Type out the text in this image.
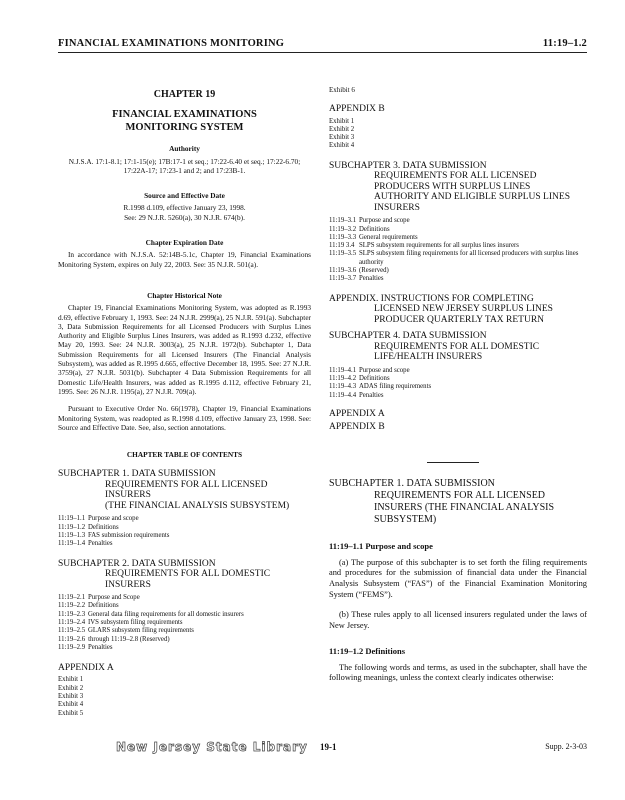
FINANCIAL EXAMINATIONS MONITORING	11:19–1.2
CHAPTER 19
FINANCIAL EXAMINATIONS
MONITORING SYSTEM
Authority
N.J.S.A. 17:1-8.1; 17:1-15(e); 17B:17-1 et seq.; 17:22-6.40 et seq.; 17:22-6.70; 17:22A-17; 17:23-1 and 2; and 17:23B-1.
Source and Effective Date
R.1998 d.109, effective January 23, 1998.
See: 29 N.J.R. 5260(a), 30 N.J.R. 674(b).
Chapter Expiration Date

In accordance with N.J.S.A. 52:14B-5.1c, Chapter 19, Financial Examinations Monitoring System, expires on July 22, 2003. See: 35 N.J.R. 501(a).

Chapter Historical Note

Chapter 19, Financial Examinations Monitoring System, was adopted as R.1993 d.69, effective February 1, 1993. See: 24 N.J.R. 2999(a), 25 N.J.R. 591(a). Subchapter 3, Data Submission Requirements for all Licensed Producers with Surplus Lines Authority and Eligible Surplus Lines Insurers, was added as R.1993 d.232, effective May 20, 1993. See: 24 N.J.R. 3003(a), 25 N.J.R. 1972(b). Subchapter 1, Data Submission Requirements for all Licensed Insurers (The Financial Analysis Subsystem), was added as R.1995 d.665, effective December 18, 1995. See: 27 N.J.R. 3759(a), 27 N.J.R. 5031(b). Subchapter 4 Data Submission Requirements for all Domestic Life/Health Insurers, was added as R.1995 d.112, effective February 21, 1995. See: 26 N.J.R. 1195(a), 27 N.J.R. 709(a).

Pursuant to Executive Order No. 66(1978), Chapter 19, Financial Examinations Monitoring System, was readopted as R.1998 d.109, effective January 23, 1998. See: Source and Effective Date. See, also, section annotations.

CHAPTER TABLE OF CONTENTS
SUBCHAPTER 1. DATA SUBMISSION
REQUIREMENTS FOR ALL LICENSED INSURERS
(THE FINANCIAL ANALYSIS SUBSYSTEM)
11:19–1.1 Purpose and scope
11:19–1.2 Definitions
11:19–1.3 FAS submission requirements
11:19–1.4 Penalties
SUBCHAPTER 2. DATA SUBMISSION
REQUIREMENTS FOR ALL DOMESTIC
INSURERS
11:19–2.1 Purpose and Scope
11:19–2.2 Definitions
11:19–2.3 General data filing requirements for all domestic insurers
11:19–2.4 IVS subsystem filing requirements
11:19–2.5 GLARS subsystem filing requirements
11:19–2.6 through 11:19–2.8 (Reserved)
11:19–2.9 Penalties
APPENDIX A
Exhibit 1
Exhibit 2
Exhibit 3
Exhibit 4
Exhibit 5
Exhibit 6
APPENDIX B
Exhibit 1
Exhibit 2
Exhibit 3
Exhibit 4
SUBCHAPTER 3. DATA SUBMISSION
REQUIREMENTS FOR ALL LICENSED
PRODUCERS WITH SURPLUS LINES
AUTHORITY AND ELIGIBLE SURPLUS LINES
INSURERS
11:19–3.1 Purpose and scope
11:19–3.2 Definitions
11:19–3.3 General requirements
11:19 3.4 SLPS subsystem requirements for all surplus lines insurers
11:19–3.5 SLPS subsystem filing requirements for all licensed producers with surplus lines authority
11:19–3.6 (Reserved)
11:19–3.7 Penalties
APPENDIX. INSTRUCTIONS FOR COMPLETING
LICENSED NEW JERSEY SURPLUS LINES
PRODUCER QUARTERLY TAX RETURN
SUBCHAPTER 4. DATA SUBMISSION
REQUIREMENTS FOR ALL DOMESTIC
LIFE/HEALTH INSURERS
11:19–4.1 Purpose and scope
11:19–4.2 Definitions
11:19–4.3 ADAS filing requirements
11:19–4.4 Penalties
APPENDIX A
APPENDIX B
SUBCHAPTER 1. DATA SUBMISSION
REQUIREMENTS FOR ALL LICENSED
INSURERS (THE FINANCIAL ANALYSIS
SUBSYSTEM)
11:19–1.1 Purpose and scope

(a) The purpose of this subchapter is to set forth the filing requirements and procedures for the submission of financial data under the Financial Analysis Subsystem (“FAS”) of the Financial Examination Monitoring System (“FEMS”).

(b) These rules apply to all licensed insurers regulated under the laws of New Jersey.

11:19–1.2 Definitions

The following words and terms, as used in the subchapter, shall have the following meanings, unless the context clearly indicates otherwise:

New Jersey State Library 19-1	Supp. 2-3-03
